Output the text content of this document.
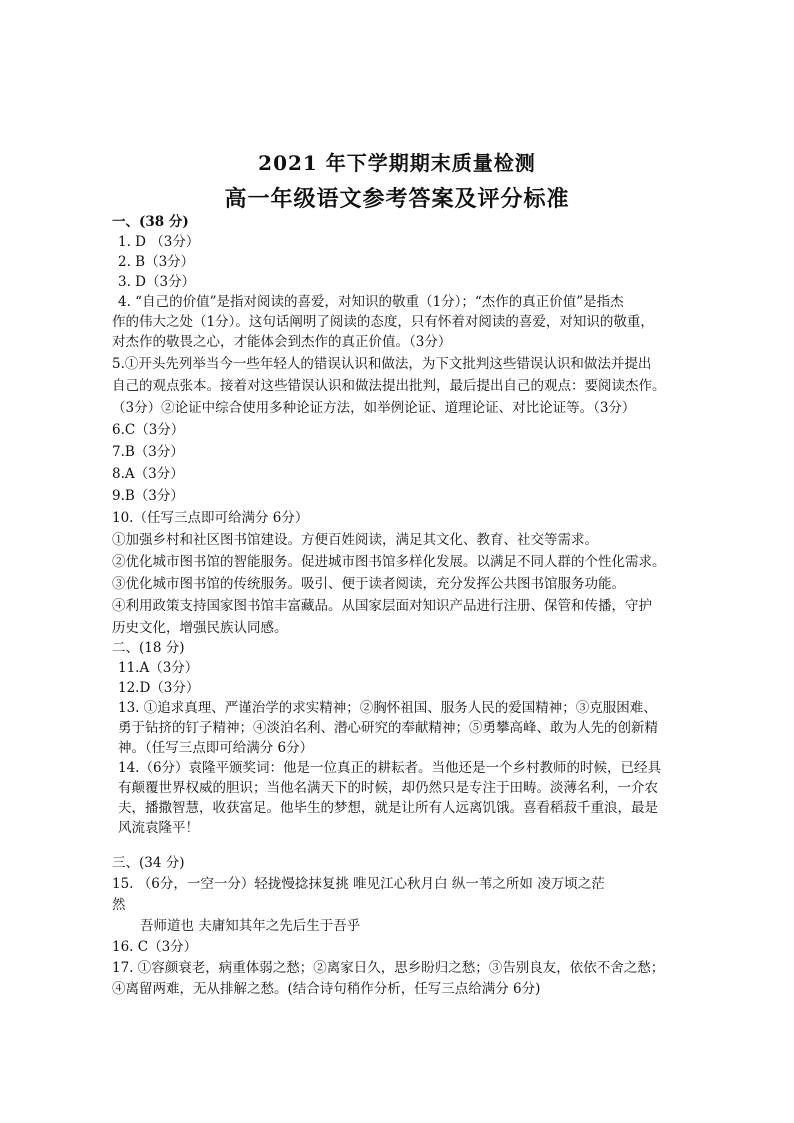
2021 年下学期期末质量检测
高一年级语文参考答案及评分标准
一、(38 分)
1. D （3分）
2. B（3分）
3. D（3分）
4. “自己的价值”是指对阅读的喜爱，对知识的敬重（1分）；“杰作的真正价值”是指杰
作的伟大之处（1分）。这句话阐明了阅读的态度，只有怀着对阅读的喜爱，对知识的敬重，
对杰作的敬畏之心，才能体会到杰作的真正价值。（3分）
5.①开头先列举当今一些年轻人的错误认识和做法，为下文批判这些错误认识和做法并提出
自己的观点张本。接着对这些错误认识和做法提出批判，最后提出自己的观点：要阅读杰作。
（3分）②论证中综合使用多种论证方法，如举例论证、道理论证、对比论证等。（3分）
6.C（3分）
7.B（3分）
8.A（3分）
9.B（3分）
10.（任写三点即可给满分 6分）
①加强乡村和社区图书馆建设。方便百姓阅读，满足其文化、教育、社交等需求。
②优化城市图书馆的智能服务。促进城市图书馆多样化发展。以满足不同人群的个性化需求。
③优化城市图书馆的传统服务。吸引、便于读者阅读，充分发挥公共图书馆服务功能。
④利用政策支持国家图书馆丰富藏品。从国家层面对知识产品进行注册、保管和传播，守护
历史文化，增强民族认同感。
二、(18 分)
11.A（3分）
12.D（3分）
13. ①追求真理、严谨治学的求实精神；②胸怀祖国、服务人民的爱国精神；③克服困难、
勇于钻挤的钉子精神；④淡泊名利、潜心研究的奉献精神；⑤勇攀高峰、敢为人先的创新精
神。（任写三点即可给满分 6分）
14.（6分）袁隆平颁奖词：他是一位真正的耕耘者。当他还是一个乡村教师的时候，已经具
有颠覆世界权威的胆识；当他名满天下的时候，却仍然只是专注于田畴。淡薄名利，一介农
夫，播撒智慧，收获富足。他毕生的梦想，就是让所有人远离饥饿。喜看稻菽千重浪，最是
风流袁隆平！
三、(34 分)
15. （6分，一空一分）轻拢慢捻抹复挑 唯见江心秋月白 纵一苇之所如 凌万顷之茫
然
吾师道也 夫庸知其年之先后生于吾乎
16. C（3分）
17. ①容颜衰老，病重体弱之愁；②离家日久，思乡盼归之愁；③告别良友，依依不舍之愁；
④离留两难，无从排解之愁。(结合诗句稍作分析，任写三点给满分 6分)
